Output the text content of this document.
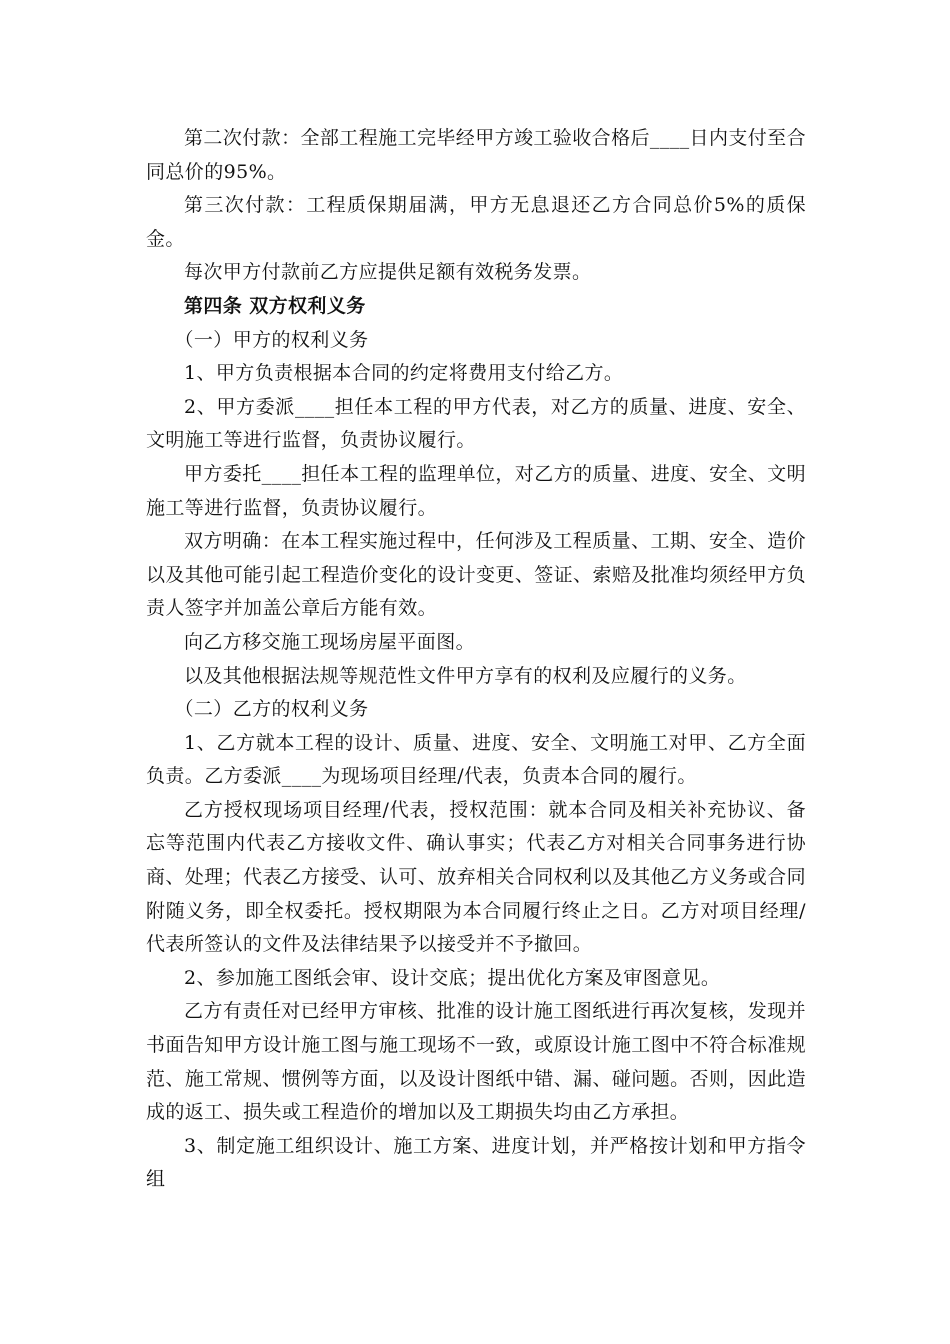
第二次付款：全部工程施工完毕经甲方竣工验收合格后____日内支付至合同总价的95%。

第三次付款：工程质保期届满，甲方无息退还乙方合同总价5%的质保金。

每次甲方付款前乙方应提供足额有效税务发票。

第四条 双方权利义务

（一）甲方的权利义务

1、甲方负责根据本合同的约定将费用支付给乙方。

2、甲方委派____担任本工程的甲方代表，对乙方的质量、进度、安全、文明施工等进行监督，负责协议履行。

甲方委托____担任本工程的监理单位，对乙方的质量、进度、安全、文明施工等进行监督，负责协议履行。

双方明确：在本工程实施过程中，任何涉及工程质量、工期、安全、造价以及其他可能引起工程造价变化的设计变更、签证、索赔及批准均须经甲方负责人签字并加盖公章后方能有效。

向乙方移交施工现场房屋平面图。

以及其他根据法规等规范性文件甲方享有的权利及应履行的义务。

（二）乙方的权利义务

1、乙方就本工程的设计、质量、进度、安全、文明施工对甲、乙方全面负责。乙方委派____为现场项目经理/代表，负责本合同的履行。

乙方授权现场项目经理/代表，授权范围：就本合同及相关补充协议、备忘等范围内代表乙方接收文件、确认事实；代表乙方对相关合同事务进行协商、处理；代表乙方接受、认可、放弃相关合同权利以及其他乙方义务或合同附随义务，即全权委托。授权期限为本合同履行终止之日。乙方对项目经理/代表所签认的文件及法律结果予以接受并不予撤回。

2、参加施工图纸会审、设计交底；提出优化方案及审图意见。

乙方有责任对已经甲方审核、批准的设计施工图纸进行再次复核，发现并书面告知甲方设计施工图与施工现场不一致，或原设计施工图中不符合标准规范、施工常规、惯例等方面，以及设计图纸中错、漏、碰问题。否则，因此造成的返工、损失或工程造价的增加以及工期损失均由乙方承担。

3、制定施工组织设计、施工方案、进度计划，并严格按计划和甲方指令组
